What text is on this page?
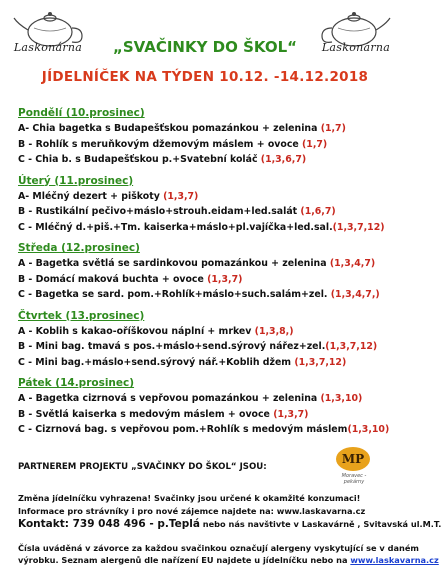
Laskonárna	Laskonárna
„SVAČINKY DO ŠKOL“
JÍDELNÍČEK NA TÝDEN 10.12. -14.12.2018
Pondělí (10.prosinec)
A- Chia bagetka s Budapešťskou pomazánkou + zelenina (1,7)
B - Rohlík s meruňkovým džemovým máslem + ovoce (1,7)
C - Chia b. s Budapešťskou p.+Svatební koláč (1,3,6,7)
Úterý (11.prosinec)
A- Mléčný dezert + piškoty (1,3,7)
B - Rustikální pečivo+máslo+strouh.eidam+led.salát (1,6,7)
C - Mléčný d.+piš.+Tm. kaiserka+máslo+pl.vajíčka+led.sal.(1,3,7,12)
Středa (12.prosinec)
A - Bagetka světlá se sardinkovou pomazánkou + zelenina (1,3,4,7)
B - Domácí maková buchta + ovoce (1,3,7)
C - Bagetka se sard. pom.+Rohlík+máslo+such.salám+zel. (1,3,4,7,)
Čtvrtek (13.prosinec)
A - Koblih s kakao-oříškovou náplní + mrkev (1,3,8,)
B - Mini bag. tmavá s pos.+máslo+send.sýrový nářez+zel.(1,3,7,12)
C - Mini bag.+máslo+send.sýrový nář.+Koblih džem (1,3,7,12)
Pátek (14.prosinec)
A - Bagetka cizrnová s vepřovou pomazánkou + zelenina (1,3,10)
B - Světlá kaiserka s medovým máslem + ovoce (1,3,7)
C - Cizrnová bag. s vepřovou pom.+Rohlík s medovým máslem(1,3,10)
PARTNEREM PROJEKTU „SVAČINKY DO ŠKOL“ JSOU:
MP
Moravec - pekárny
Změna jídelníčku vyhrazena! Svačinky jsou určené k okamžité konzumaci!
Informace pro strávníky i pro nové zájemce najdete na: www.laskavarna.cz
Kontakt: 739 048 496 - p.Teplá nebo nás navštivte v Laskavárně , Svitavská ul.M.T.
Čísla uváděná v závorce za každou svačinkou označují alergeny vyskytující se v daném
výrobku. Seznam alergenů dle nařízení EU najdete u jídelníčku nebo na www.laskavarna.cz
